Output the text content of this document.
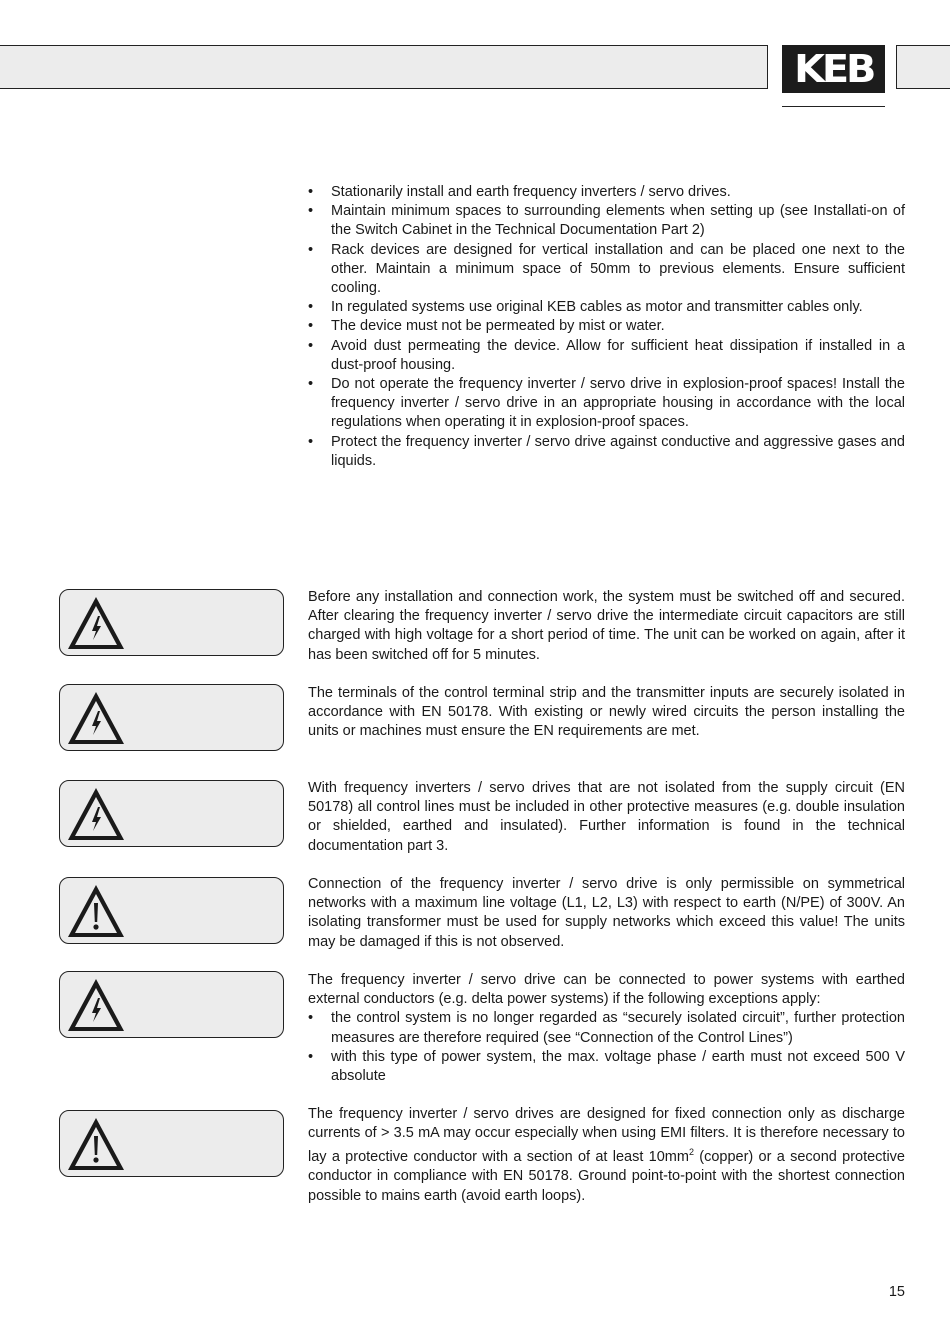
KEB
• Stationarily install and earth frequency inverters / servo drives.
• Maintain minimum spaces to surrounding elements when setting up (see Installati-on of the Switch Cabinet in the Technical Documentation Part 2)
• Rack devices are designed for vertical installation and can be placed one next to the other. Maintain a minimum space of 50mm to previous elements. Ensure sufficient cooling.
• In regulated systems use original KEB cables as motor and transmitter cables only.
• The device must not be permeated by mist or water.
• Avoid dust permeating the device. Allow for sufficient heat dissipation if installed in a dust-proof housing.
• Do not operate the frequency inverter / servo drive in explosion-proof spaces! Install the frequency inverter / servo drive in an appropriate housing in accordance with the local regulations when operating it in explosion-proof spaces.
• Protect the frequency inverter / servo drive against conductive and aggressive gases and liquids.

Before any installation and connection work, the system must be switched off and secured. After clearing the frequency inverter / servo drive the intermediate circuit capacitors are still charged with high voltage for a short period of time. The unit can be worked on again, after it has been switched off for 5 minutes.

The terminals of the control terminal strip and the transmitter inputs are securely isolated in accordance with EN 50178. With existing or newly wired circuits the person installing the units or machines must ensure the EN requirements are met.

With frequency inverters / servo drives that are not isolated from the supply circuit (EN 50178) all control lines must be included in other protective measures (e.g. double insulation or shielded, earthed and insulated). Further information is found in the technical documentation part 3.

Connection of the frequency inverter / servo drive is only permissible on symmetrical networks with a maximum line voltage (L1, L2, L3) with respect to earth (N/PE) of 300V. An isolating transformer must be used for supply networks which exceed this value! The units may be damaged if this is not observed.

The frequency inverter / servo drive can be connected to power systems with earthed external conductors (e.g. delta power systems) if the following exceptions apply:

• the control system is no longer regarded as “securely isolated circuit”, further protection measures are therefore required (see “Connection of the Control Lines”)
• with this type of power system, the max. voltage phase / earth must not exceed 500 V absolute

The frequency inverter / servo drives are designed for fixed connection only as discharge currents of > 3.5 mA may occur especially when using EMI filters. It is therefore necessary to lay a protective conductor with a section of at least $10mm^2$ (copper) or a second protective conductor in compliance with EN 50178. Ground point-to-point with the shortest connection possible to mains earth (avoid earth loops).

15
